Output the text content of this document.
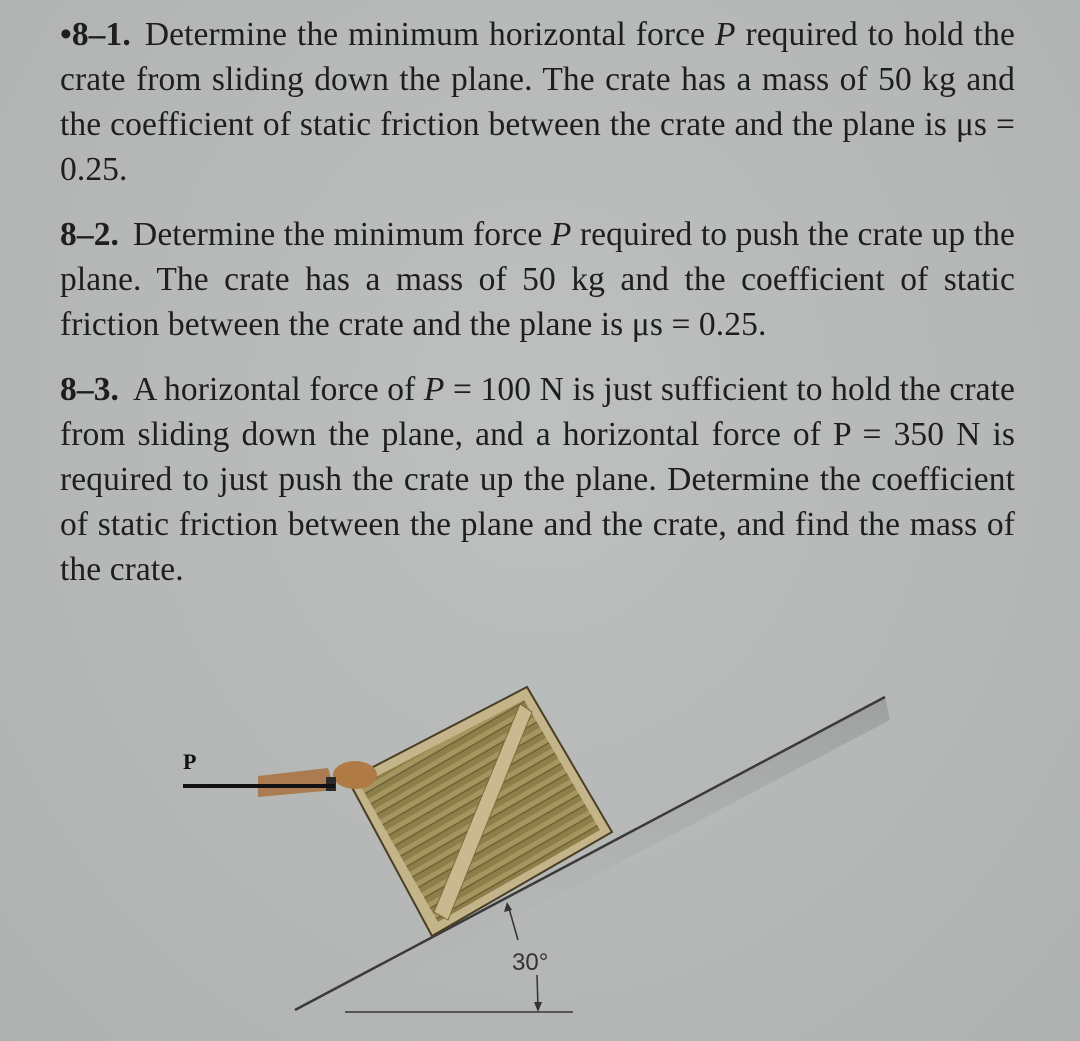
•8–1. Determine the minimum horizontal force P required to hold the crate from sliding down the plane. The crate has a mass of 50 kg and the coefficient of static friction between the crate and the plane is μs = 0.25.

8–2. Determine the minimum force P required to push the crate up the plane. The crate has a mass of 50 kg and the coefficient of static friction between the crate and the plane is μs = 0.25.

8–3. A horizontal force of P = 100 N is just sufficient to hold the crate from sliding down the plane, and a horizontal force of P = 350 N is required to just push the crate up the plane. Determine the coefficient of static friction between the plane and the crate, and find the mass of the crate.

P
30°
